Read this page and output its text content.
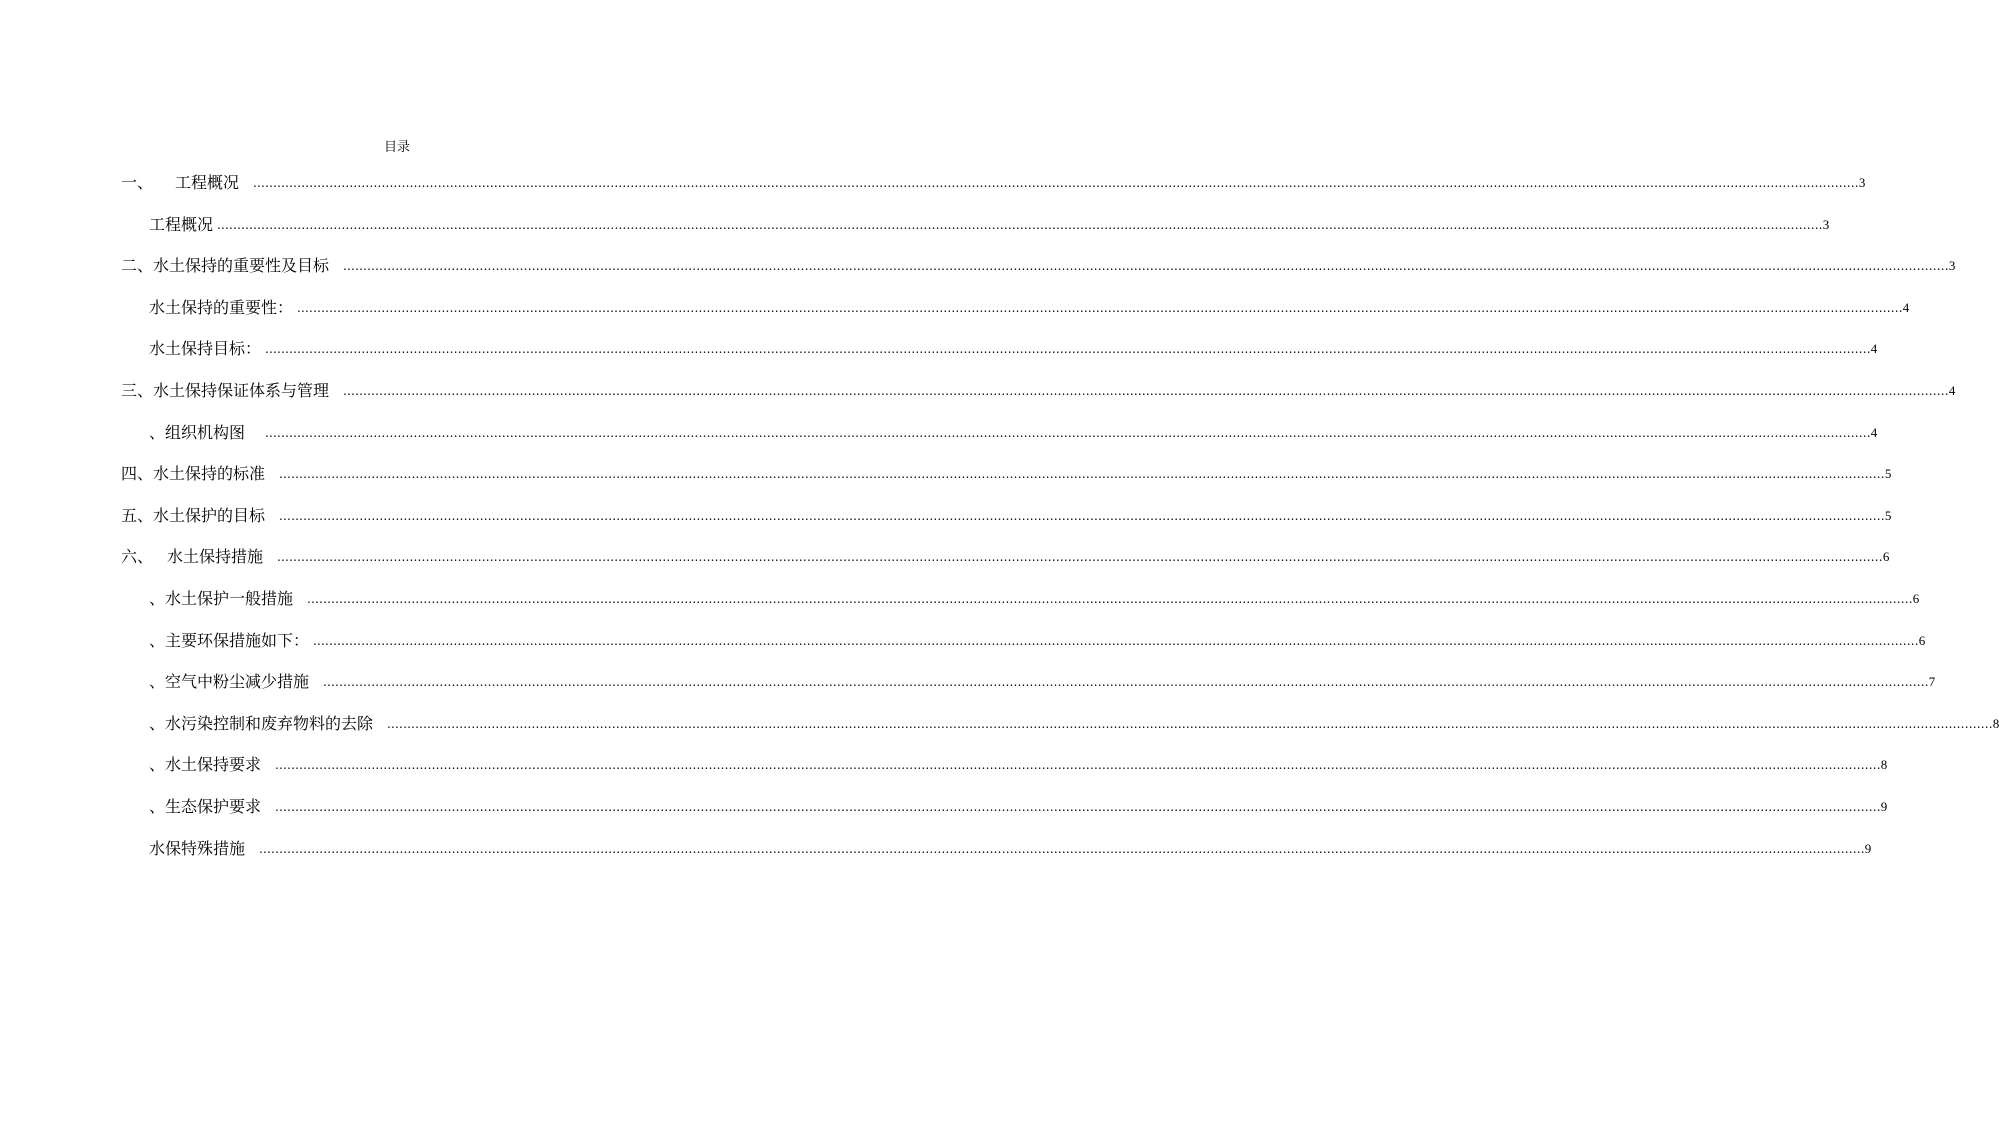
目录
一、 工程概况 ................................................................................................................................................................................................................................................................................................................................................................................................................ 3
工程概况 ................................................................................................................................................................................................................................................................................................................................................................................................................ 3
二、水土保持的重要性及目标 ................................................................................................................................................................................................................................................................................................................................................................................................................ 3
水土保持的重要性： ................................................................................................................................................................................................................................................................................................................................................................................................................ 4
水土保持目标： ................................................................................................................................................................................................................................................................................................................................................................................................................ 4
三、水土保持保证体系与管理 ................................................................................................................................................................................................................................................................................................................................................................................................................ 4
、组织机构图 ................................................................................................................................................................................................................................................................................................................................................................................................................ 4
四、水土保持的标准 ................................................................................................................................................................................................................................................................................................................................................................................................................ 5
五、水土保护的目标 ................................................................................................................................................................................................................................................................................................................................................................................................................ 5
六、 水土保持措施 ................................................................................................................................................................................................................................................................................................................................................................................................................ 6
、水土保护一般措施 ................................................................................................................................................................................................................................................................................................................................................................................................................ 6
、主要环保措施如下： ................................................................................................................................................................................................................................................................................................................................................................................................................ 6
、空气中粉尘减少措施 ................................................................................................................................................................................................................................................................................................................................................................................................................ 7
、水污染控制和废弃物料的去除 ................................................................................................................................................................................................................................................................................................................................................................................................................ 8
、水土保持要求 ................................................................................................................................................................................................................................................................................................................................................................................................................ 8
、生态保护要求 ................................................................................................................................................................................................................................................................................................................................................................................................................ 9
水保特殊措施 ................................................................................................................................................................................................................................................................................................................................................................................................................ 9
